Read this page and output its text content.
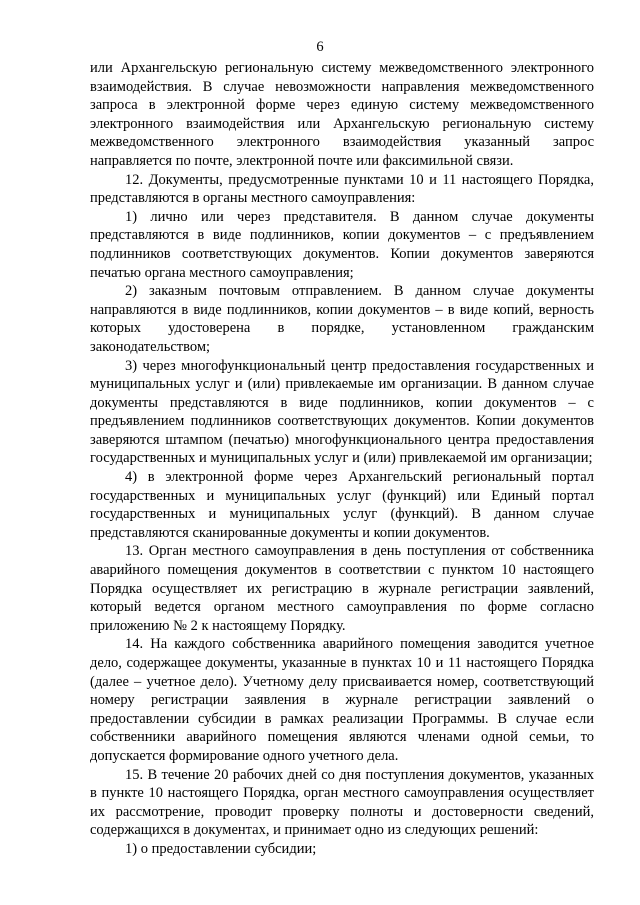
6

или Архангельскую региональную систему межведомственного электронного взаимодействия. В случае невозможности направления межведомственного запроса в электронной форме через единую систему межведомственного электронного взаимодействия или Архангельскую региональную систему межведомственного электронного взаимодействия указанный запрос направляется по почте, электронной почте или факсимильной связи.

12. Документы, предусмотренные пунктами 10 и 11 настоящего Порядка, представляются в органы местного самоуправления:

1) лично или через представителя. В данном случае документы представляются в виде подлинников, копии документов – с предъявлением подлинников соответствующих документов. Копии документов заверяются печатью органа местного самоуправления;

2) заказным почтовым отправлением. В данном случае документы направляются в виде подлинников, копии документов – в виде копий, верность которых удостоверена в порядке, установленном гражданским законодательством;

3) через многофункциональный центр предоставления государственных и муниципальных услуг и (или) привлекаемые им организации. В данном случае документы представляются в виде подлинников, копии документов – с предъявлением подлинников соответствующих документов. Копии документов заверяются штампом (печатью) многофункционального центра предоставления государственных и муниципальных услуг и (или) привлекаемой им организации;

4) в электронной форме через Архангельский региональный портал государственных и муниципальных услуг (функций) или Единый портал государственных и муниципальных услуг (функций). В данном случае представляются сканированные документы и копии документов.

13. Орган местного самоуправления в день поступления от собственника аварийного помещения документов в соответствии с пунктом 10 настоящего Порядка осуществляет их регистрацию в журнале регистрации заявлений, который ведется органом местного самоуправления по форме согласно приложению № 2 к настоящему Порядку.

14. На каждого собственника аварийного помещения заводится учетное дело, содержащее документы, указанные в пунктах 10 и 11 настоящего Порядка (далее – учетное дело). Учетному делу присваивается номер, соответствующий номеру регистрации заявления в журнале регистрации заявлений о предоставлении субсидии в рамках реализации Программы. В случае если собственники аварийного помещения являются членами одной семьи, то допускается формирование одного учетного дела.

15. В течение 20 рабочих дней со дня поступления документов, указанных в пункте 10 настоящего Порядка, орган местного самоуправления осуществляет их рассмотрение, проводит проверку полноты и достоверности сведений, содержащихся в документах, и принимает одно из следующих решений:

1) о предоставлении субсидии;
